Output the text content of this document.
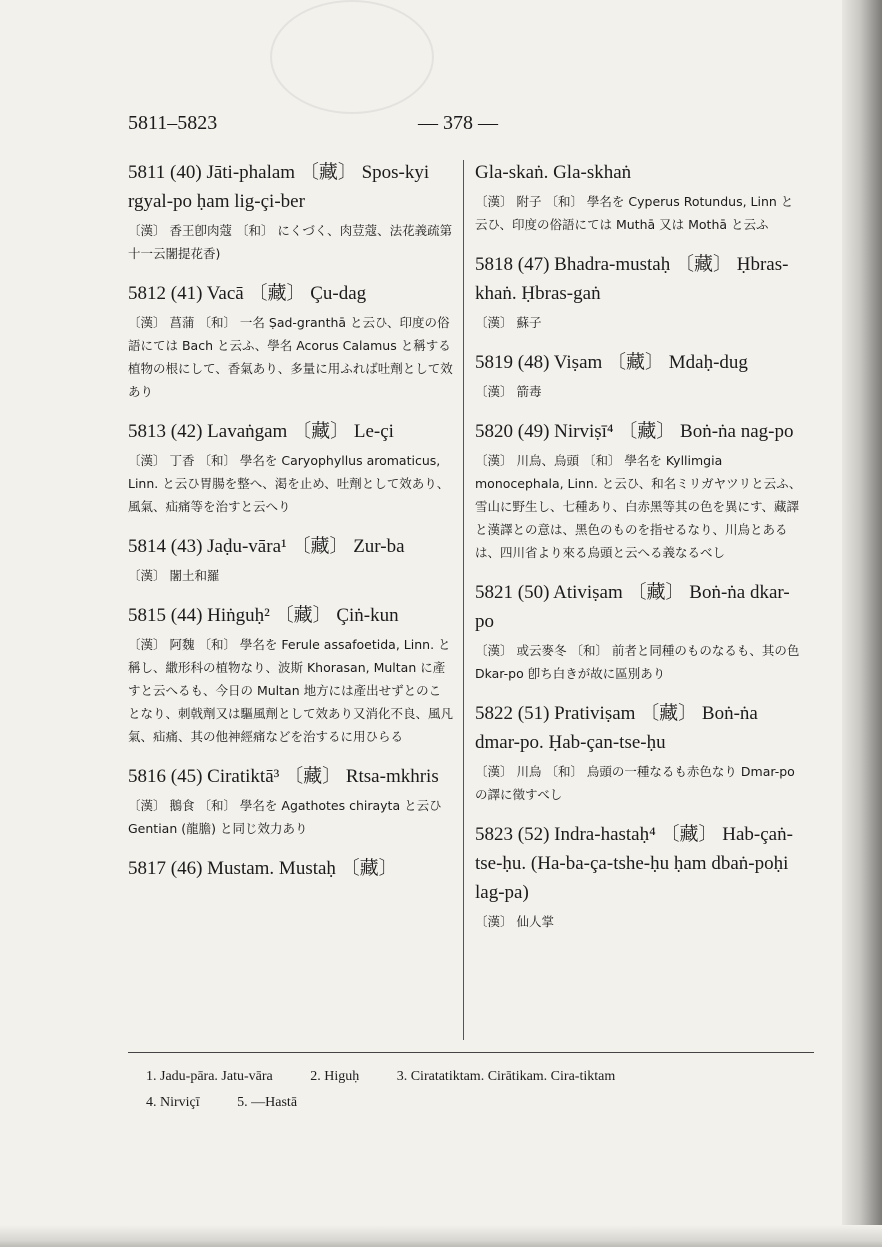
5811–5823	— 378 —
5811 (40) Jāti-phalam 〔藏〕 Spos-kyi rgyal-po ḥam lig-çi-ber
〔漢〕 香王卽肉蔻 〔和〕 にくづく、肉荳蔻、法花義疏第十一云闍提花香)
5812 (41) Vacā 〔藏〕 Çu-dag
〔漢〕 菖蒲 〔和〕 一名 Ṣad-granthā と云ひ、印度の俗語にては Bach と云ふ、學名 Acorus Calamus と稱する植物の根にして、香氣あり、多量に用ふれば吐劑として效あり
5813 (42) Lavaṅgam 〔藏〕 Le-çi
〔漢〕 丁香 〔和〕 學名を Caryophyllus aromaticus, Linn. と云ひ胃腸を整へ、渇を止め、吐劑として效あり、風氣、疝痛等を治すと云へり
5814 (43) Jaḍu-vāra¹ 〔藏〕 Zur-ba
〔漢〕 闍土和羅
5815 (44) Hiṅguḥ² 〔藏〕 Çiṅ-kun
〔漢〕 阿魏 〔和〕 學名を Ferule assafoetida, Linn. と稱し、繖形科の植物なり、波斯 Khorasan, Multan に產すと云へるも、今日の Multan 地方には產出せずとのことなり、刺戟劑又は驅風劑として效あり又消化不良、風凡氣、疝痛、其の他神經痛などを治するに用ひらる
5816 (45) Ciratiktā³ 〔藏〕 Rtsa-mkhris
〔漢〕 鵝食 〔和〕 學名を Agathotes chirayta と云ひ Gentian (龍膽) と同じ效力あり
5817 (46) Mustam. Mustaḥ 〔藏〕
Gla-skaṅ. Gla-skhaṅ
〔漢〕 附子 〔和〕 學名を Cyperus Rotundus, Linn と云ひ、印度の俗語にては Muthā 又は Mothā と云ふ
5818 (47) Bhadra-mustaḥ 〔藏〕 Ḥbras-khaṅ. Ḥbras-gaṅ
〔漢〕 蘇子
5819 (48) Viṣam 〔藏〕 Mdaḥ-dug
〔漢〕 箭毒
5820 (49) Nirviṣī⁴ 〔藏〕 Boṅ-ṅa nag-po
〔漢〕 川烏、烏頭 〔和〕 學名を Kyllimgia monocephala, Linn. と云ひ、和名ミリガヤツリと云ふ、雪山に野生し、七種あり、白赤黑等其の色を異にす、藏譯と漢譯との意は、黑色のものを指せるなり、川烏とあるは、四川省より來る烏頭と云へる義なるべし
5821 (50) Ativiṣam 〔藏〕 Boṅ-ṅa dkar-po
〔漢〕 或云麥冬 〔和〕 前者と同種のものなるも、其の色 Dkar-po 卽ち白きが故に區別あり
5822 (51) Prativiṣam 〔藏〕 Boṅ-ṅa dmar-po. Ḥab-çan-tse-ḥu
〔漢〕 川烏 〔和〕 烏頭の一種なるも赤色なり Dmar-po の譯に徵すべし
5823 (52) Indra-hastaḥ⁴ 〔藏〕 Hab-çaṅ-tse-ḥu. (Ha-ba-ça-tshe-ḥu ḥam dbaṅ-poḥi lag-pa)
〔漢〕 仙人掌
1. Jadu-pāra. Jatu-vāra	2. Higuḥ	3. Ciratatiktam. Cirātikam. Cira-tiktam
4. Nirviçī	5. —Hastā
